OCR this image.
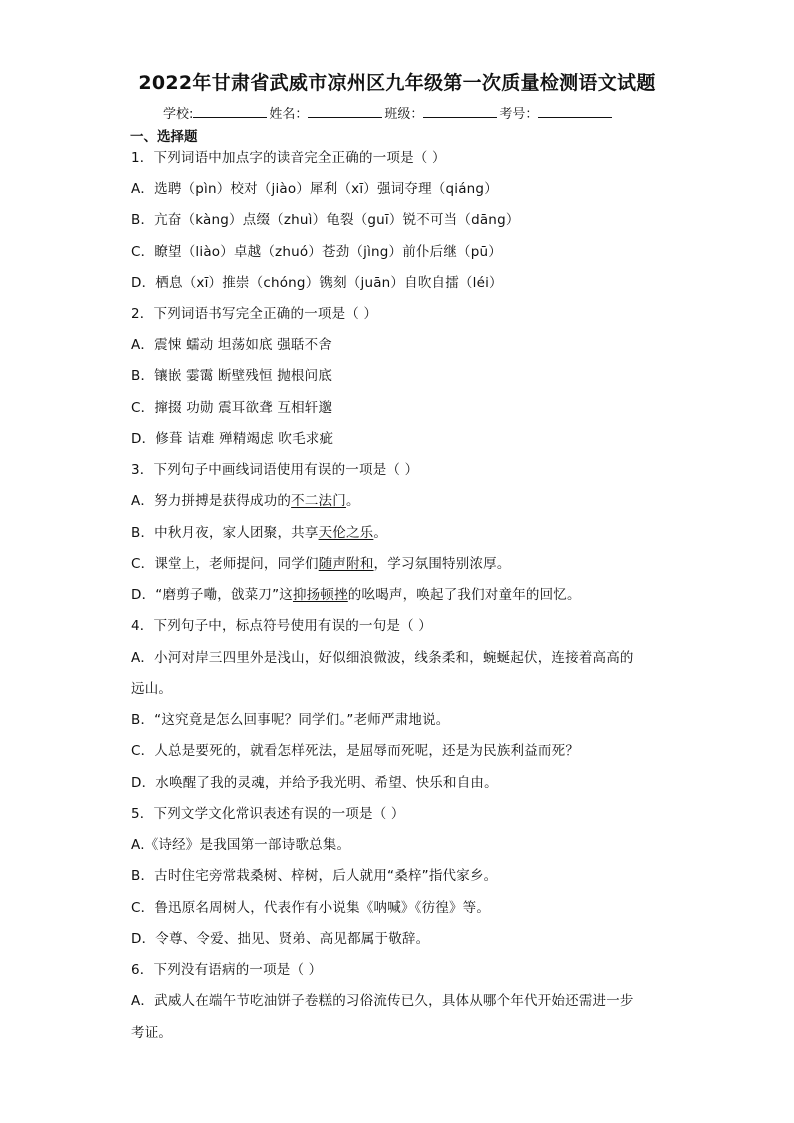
2022年甘肃省武威市凉州区九年级第一次质量检测语文试题
学校:	姓名：	班级：	考号：
一、选择题
1．下列词语中加点字的读音完全正确的一项是（ ）
A．选聘（pìn）校对（jiào）犀利（xī）强词夺理（qiáng）
B．亢奋（kàng）点缀（zhuì）龟裂（guī）锐不可当（dāng）
C．瞭望（liào）卓越（zhuó）苍劲（jìng）前仆后继（pū）
D．栖息（xī）推崇（chóng）镌刻（juān）自吹自擂（léi）
2．下列词语书写完全正确的一项是（ ）
A．震悚 蠕动 坦荡如底 强聒不舍
B．镶嵌 霎霭 断壁残恒 抛根问底
C．撺掇 功勋 震耳欲聋 互相轩邈
D．修葺 诘难 殚精竭虑 吹毛求疵
3．下列句子中画线词语使用有误的一项是（ ）
A．努力拼搏是获得成功的不二法门。
B．中秋月夜，家人团聚，共享天伦之乐。
C．课堂上，老师提问，同学们随声附和，学习氛围特别浓厚。
D．“磨剪子嘞，戗菜刀”这抑扬顿挫的吆喝声，唤起了我们对童年的回忆。
4．下列句子中，标点符号使用有误的一句是（ ）
A．小河对岸三四里外是浅山，好似细浪微波，线条柔和，蜿蜒起伏，连接着高高的
远山。
B．“这究竟是怎么回事呢？同学们。”老师严肃地说。
C．人总是要死的，就看怎样死法，是屈辱而死呢，还是为民族利益而死？
D．水唤醒了我的灵魂，并给予我光明、希望、快乐和自由。
5．下列文学文化常识表述有误的一项是（ ）
A.《诗经》是我国第一部诗歌总集。
B．古时住宅旁常栽桑树、梓树，后人就用“桑梓”指代家乡。
C．鲁迅原名周树人，代表作有小说集《呐喊》《彷徨》等。
D．令尊、令爱、拙见、贤弟、高见都属于敬辞。
6．下列没有语病的一项是（ ）
A．武威人在端午节吃油饼子卷糕的习俗流传已久，具体从哪个年代开始还需进一步
考证。
